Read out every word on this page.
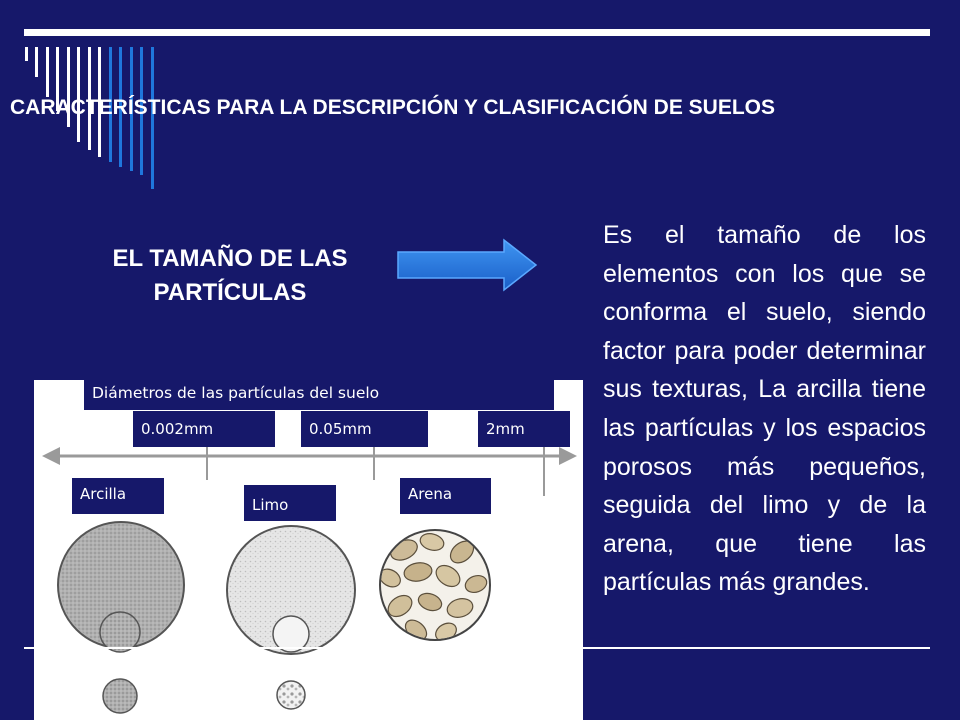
CARACTERÍSTICAS PARA LA DESCRIPCIÓN Y CLASIFICACIÓN DE SUELOS
EL TAMAÑO DE LAS PARTÍCULAS

Es el tamaño de los elementos con los que se conforma el suelo, siendo factor para poder determinar sus texturas, La arcilla tiene las partículas y los espacios porosos más pequeños, seguida del limo y de la arena, que tiene las partículas más grandes.

Diámetros de las partículas del suelo
0.002mm	0.05mm	2mm
Arcilla
Limo
Arena
